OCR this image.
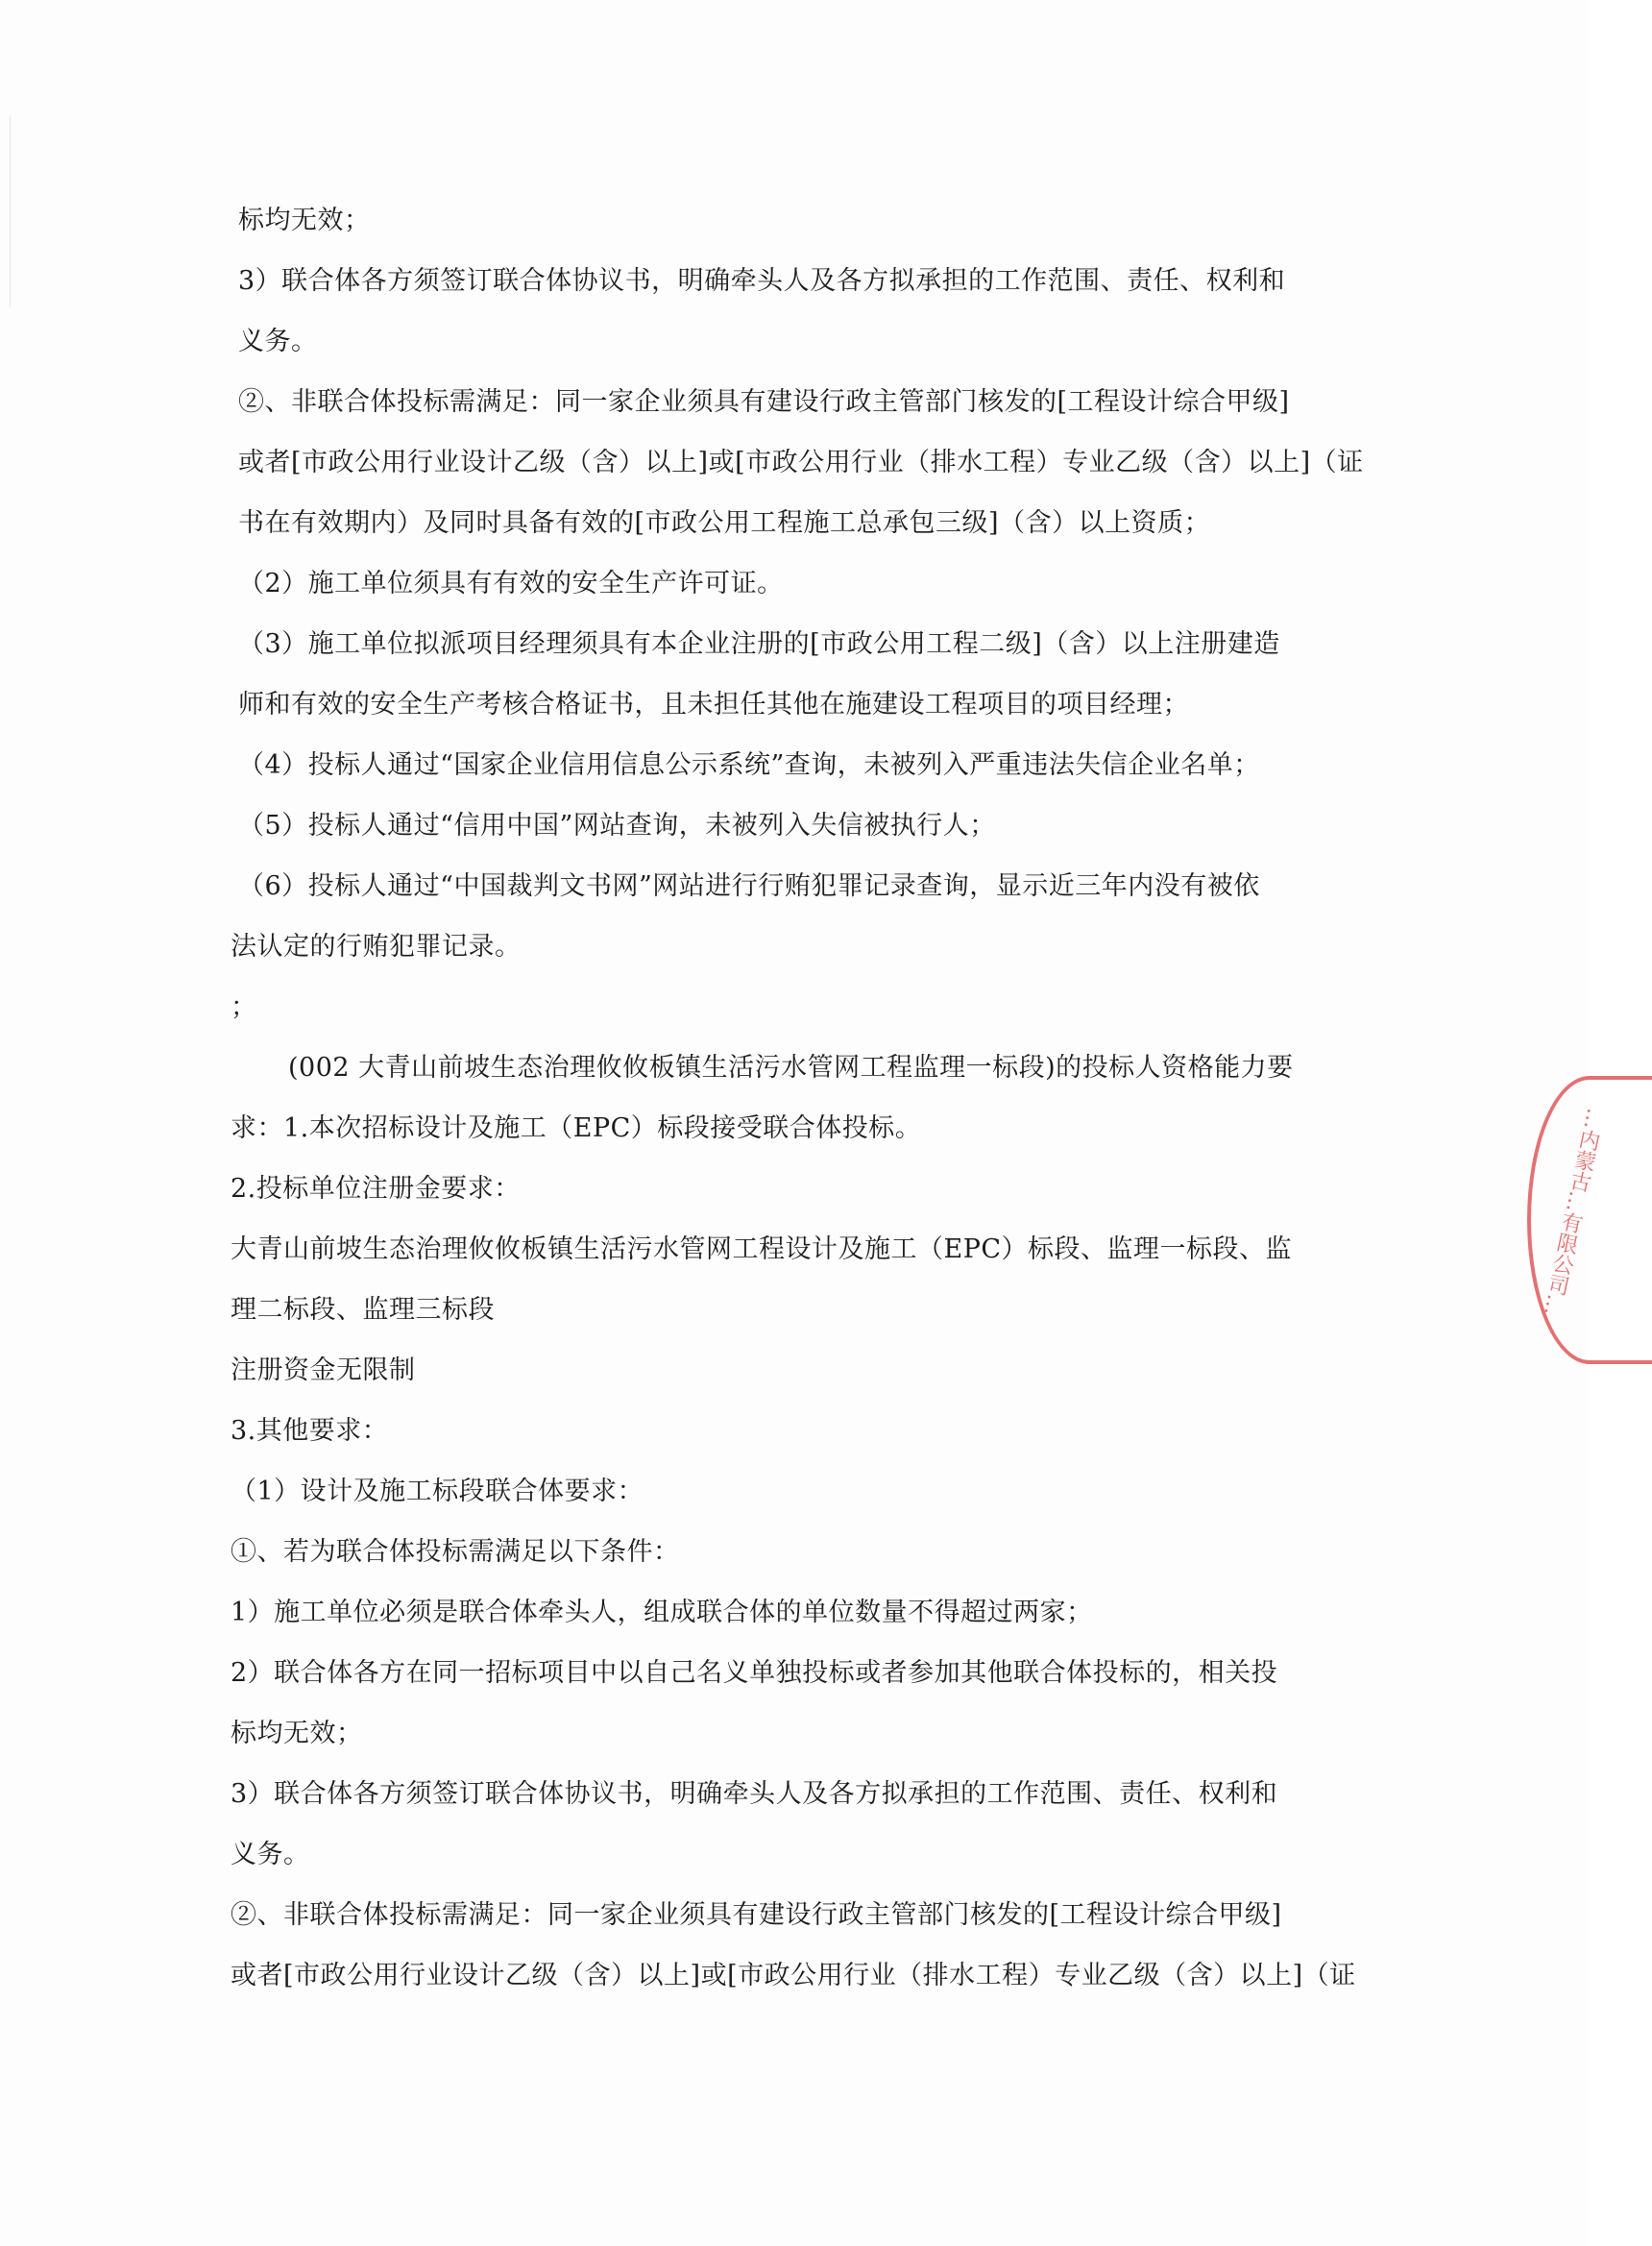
标均无效；
3）联合体各方须签订联合体协议书，明确牵头人及各方拟承担的工作范围、责任、权利和
义务。
②、非联合体投标需满足：同一家企业须具有建设行政主管部门核发的[工程设计综合甲级]
或者[市政公用行业设计乙级（含）以上]或[市政公用行业（排水工程）专业乙级（含）以上]（证
书在有效期内）及同时具备有效的[市政公用工程施工总承包三级]（含）以上资质；
（2）施工单位须具有有效的安全生产许可证。
（3）施工单位拟派项目经理须具有本企业注册的[市政公用工程二级]（含）以上注册建造
师和有效的安全生产考核合格证书，且未担任其他在施建设工程项目的项目经理；
（4）投标人通过“国家企业信用信息公示系统”查询，未被列入严重违法失信企业名单；
（5）投标人通过“信用中国”网站查询，未被列入失信被执行人；
（6）投标人通过“中国裁判文书网”网站进行行贿犯罪记录查询，显示近三年内没有被依
法认定的行贿犯罪记录。
；
(002 大青山前坡生态治理攸攸板镇生活污水管网工程监理一标段)的投标人资格能力要
求：1.本次招标设计及施工（EPC）标段接受联合体投标。
2.投标单位注册金要求：
大青山前坡生态治理攸攸板镇生活污水管网工程设计及施工（EPC）标段、监理一标段、监
理二标段、监理三标段
注册资金无限制
3.其他要求：
（1）设计及施工标段联合体要求：
①、若为联合体投标需满足以下条件：
1）施工单位必须是联合体牵头人，组成联合体的单位数量不得超过两家；
2）联合体各方在同一招标项目中以自己名义单独投标或者参加其他联合体投标的，相关投
标均无效；
3）联合体各方须签订联合体协议书，明确牵头人及各方拟承担的工作范围、责任、权利和
义务。
②、非联合体投标需满足：同一家企业须具有建设行政主管部门核发的[工程设计综合甲级]
或者[市政公用行业设计乙级（含）以上]或[市政公用行业（排水工程）专业乙级（含）以上]（证
…内蒙古…有限公司…
